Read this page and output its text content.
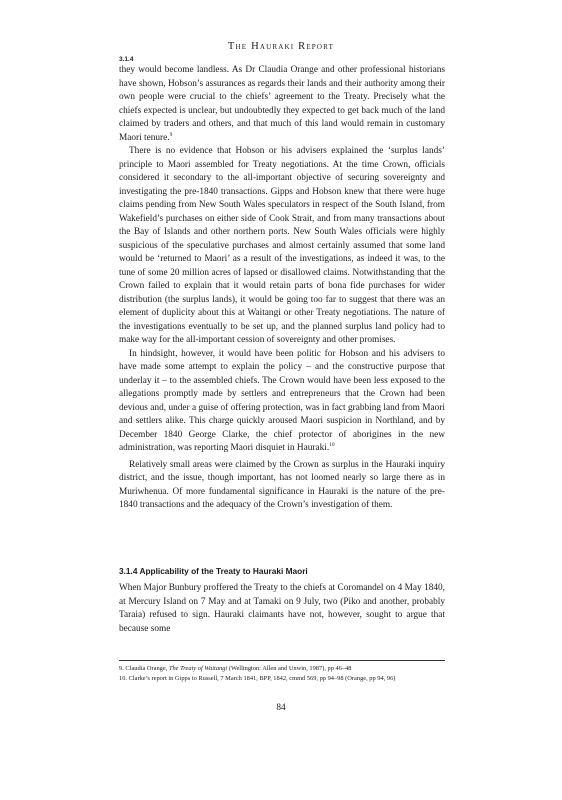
The Hauraki Report
3.1.4

they would become landless. As Dr Claudia Orange and other professional historians have shown, Hobson’s assurances as regards their lands and their authority among their own people were crucial to the chiefs’ agreement to the Treaty. Precisely what the chiefs expected is unclear, but undoubtedly they expected to get back much of the land claimed by traders and others, and that much of this land would remain in customary Maori tenure.$^9$

There is no evidence that Hobson or his advisers explained the ‘surplus lands’ principle to Maori assembled for Treaty negotiations. At the time Crown, officials considered it secondary to the all-important objective of securing sovereignty and investigating the pre-1840 transactions. Gipps and Hobson knew that there were huge claims pending from New South Wales speculators in respect of the South Island, from Wakefield’s purchases on either side of Cook Strait, and from many transactions about the Bay of Islands and other northern ports. New South Wales officials were highly suspicious of the speculative purchases and almost certainly assumed that some land would be ‘returned to Maori’ as a result of the investigations, as indeed it was, to the tune of some 20 million acres of lapsed or disallowed claims. Notwithstanding that the Crown failed to explain that it would retain parts of bona fide purchases for wider distribution (the surplus lands), it would be going too far to suggest that there was an element of duplicity about this at Waitangi or other Treaty negotiations. The nature of the investigations eventually to be set up, and the planned surplus land policy had to make way for the all-important cession of sovereignty and other promises.

In hindsight, however, it would have been politic for Hobson and his advisers to have made some attempt to explain the policy – and the constructive purpose that underlay it – to the assembled chiefs. The Crown would have been less exposed to the allegations promptly made by settlers and entrepreneurs that the Crown had been devious and, under a guise of offering protection, was in fact grabbing land from Maori and settlers alike. This charge quickly aroused Maori suspicion in Northland, and by December 1840 George Clarke, the chief protector of aborigines in the new administration, was reporting Maori disquiet in Hauraki.$^{10}$

Relatively small areas were claimed by the Crown as surplus in the Hauraki inquiry district, and the issue, though important, has not loomed nearly so large there as in Muriwhenua. Of more fundamental significance in Hauraki is the nature of the pre-1840 transactions and the adequacy of the Crown’s investigation of them.

3.1.4 Applicability of the Treaty to Hauraki Maori

When Major Bunbury proffered the Treaty to the chiefs at Coromandel on 4 May 1840, at Mercury Island on 7 May and at Tamaki on 9 July, two (Piko and another, probably Taraia) refused to sign. Hauraki claimants have not, however, sought to argue that because some

9. Claudia Orange, The Treaty of Waitangi (Wellington: Allen and Unwin, 1987), pp 46–48
10. Clarke’s report in Gipps to Russell, 7 March 1841, BPP, 1842, cmmd 569, pp 94–98 (Orange, pp 94, 96)
84
